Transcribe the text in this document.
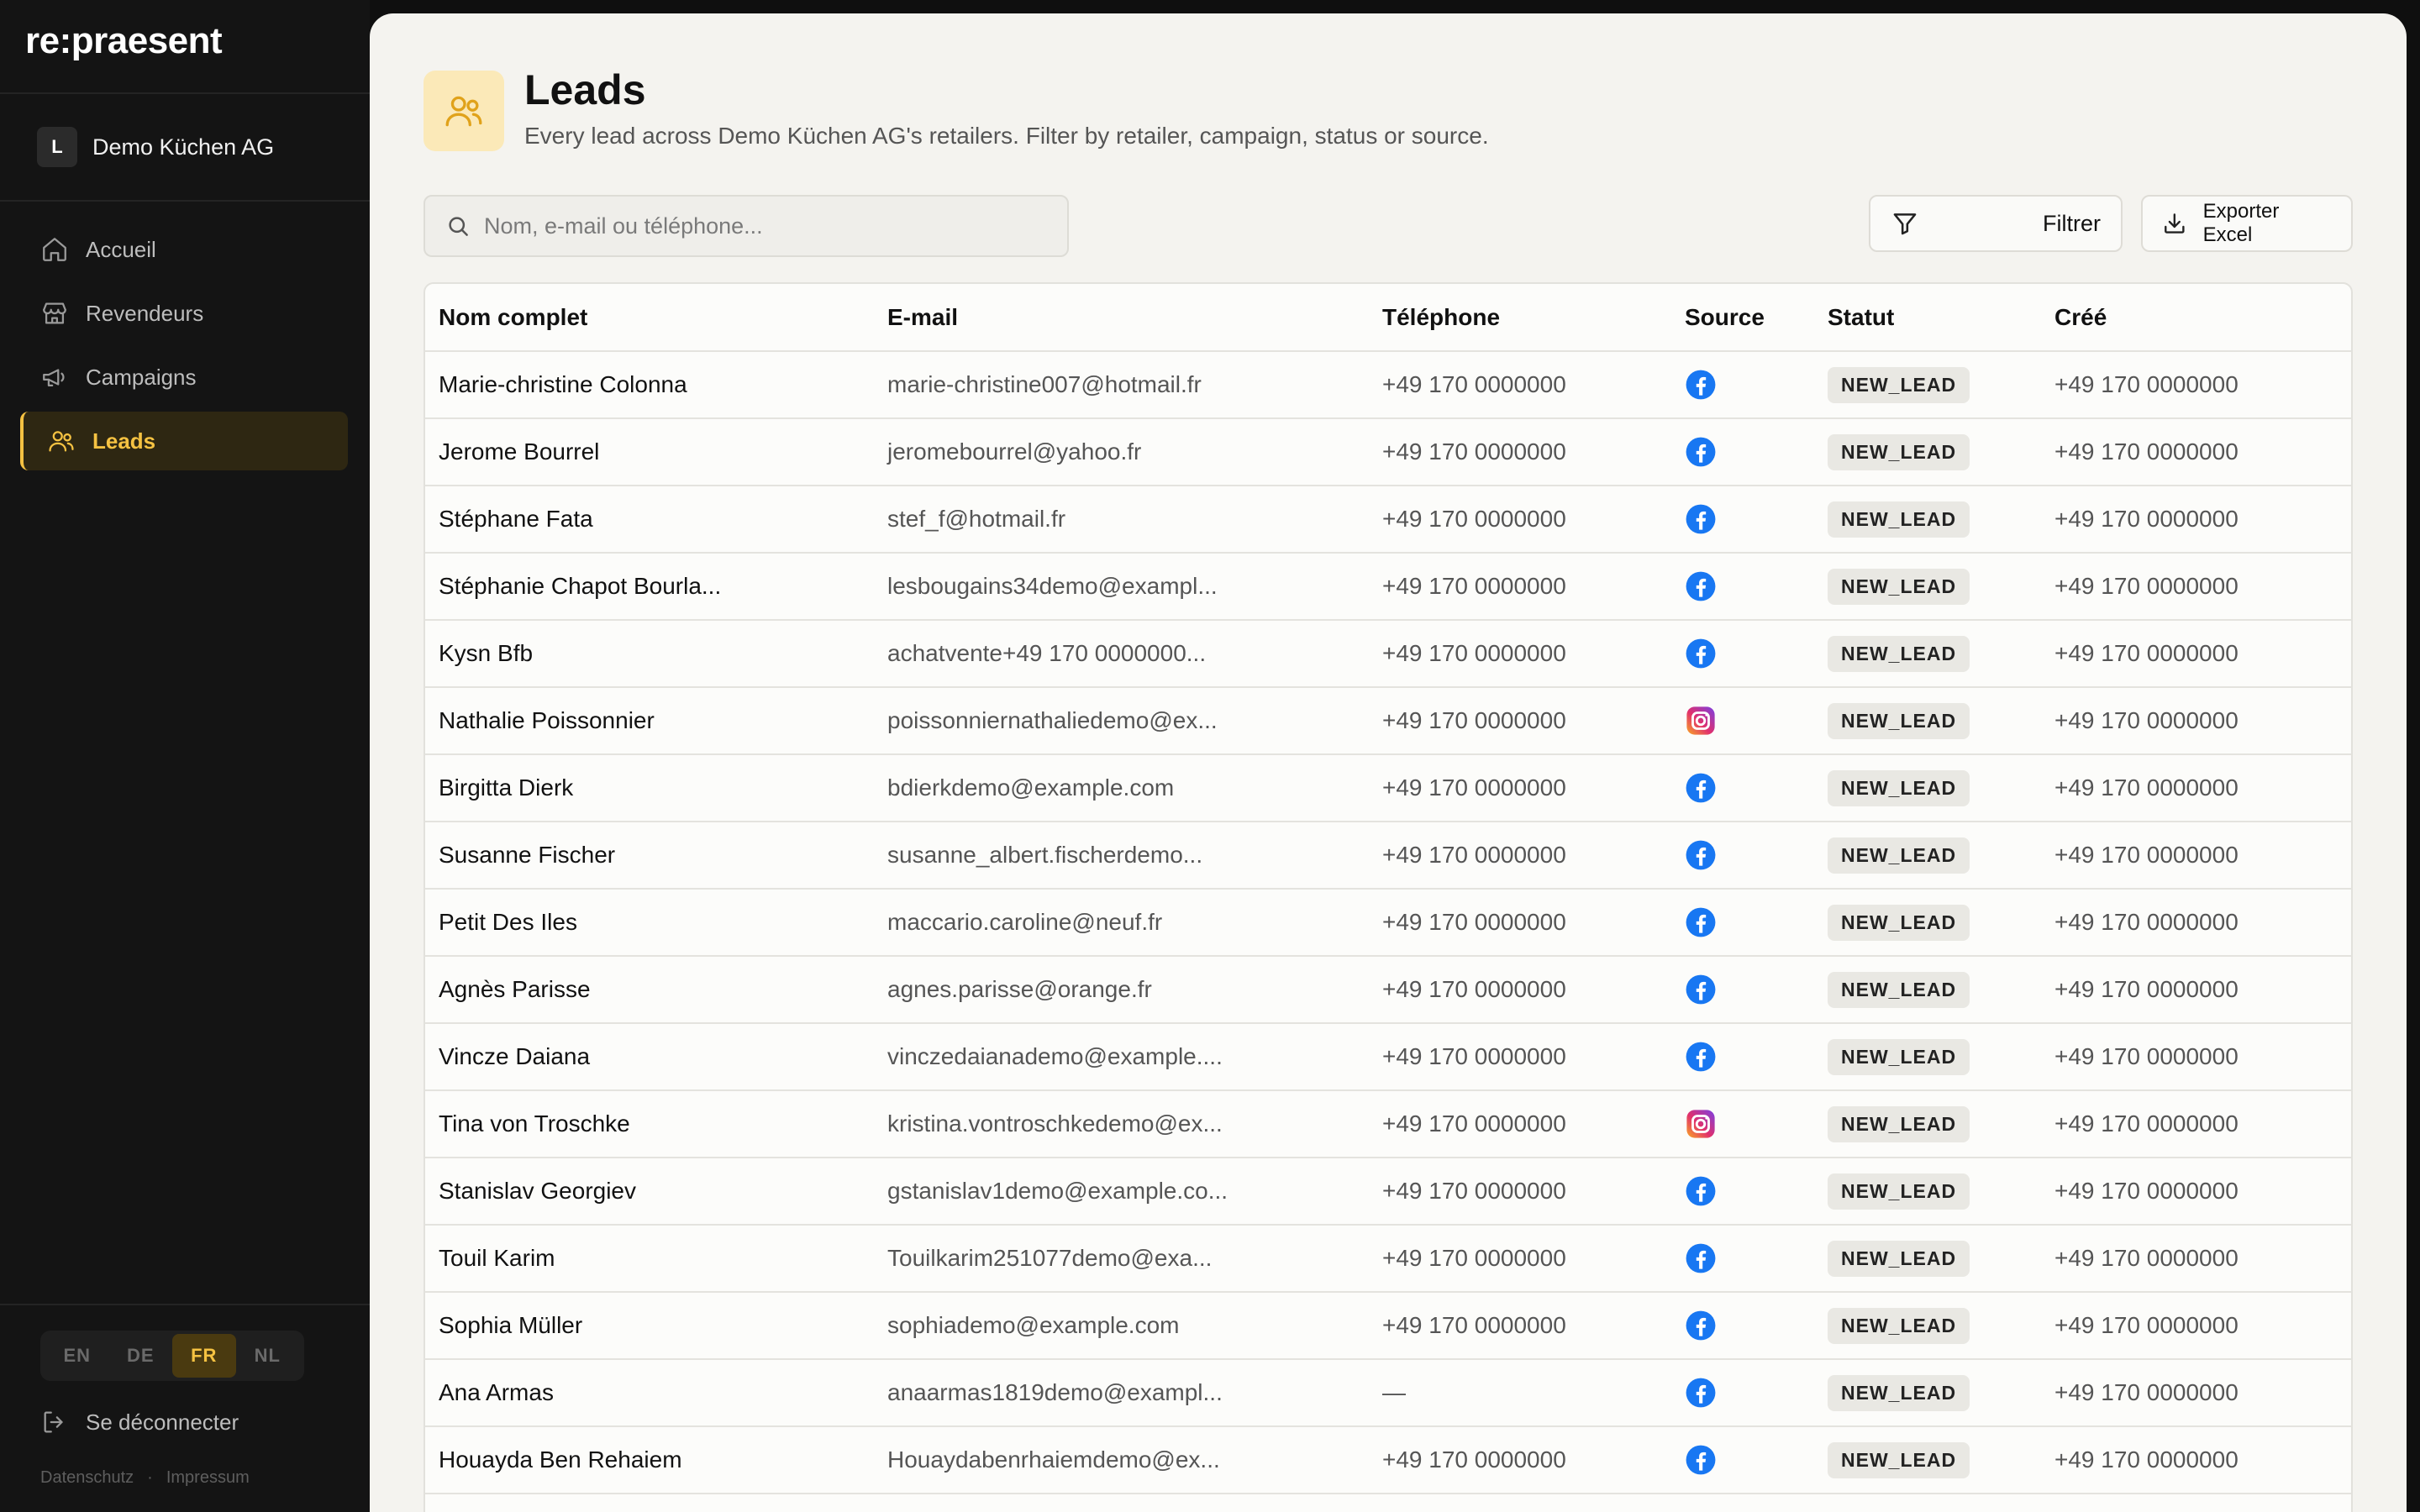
re:praesent
L	Demo Küchen AG
Accueil
Revendeurs
Campaigns
Leads
EN	DE	FR	NL
Se déconnecter
Datenschutz · Impressum
Leads

Every lead across Demo Küchen AG's retailers. Filter by retailer, campaign, status or source.

Nom, e-mail ou téléphone...
Filtrer	Exporter Excel
Nom complet	E-mail	Téléphone	Source	Statut	Créé
Marie-christine Colonna	marie-christine007@hotmail.fr	+49 170 0000000		NEW_LEAD	+49 170 0000000
Jerome Bourrel	jeromebourrel@yahoo.fr	+49 170 0000000		NEW_LEAD	+49 170 0000000
Stéphane Fata	stef_f@hotmail.fr	+49 170 0000000		NEW_LEAD	+49 170 0000000
Stéphanie Chapot Bourla...	lesbougains34demo@exampl...	+49 170 0000000		NEW_LEAD	+49 170 0000000
Kysn Bfb	achatvente+49 170 0000000...	+49 170 0000000		NEW_LEAD	+49 170 0000000
Nathalie Poissonnier	poissonniernathaliedemo@ex...	+49 170 0000000		NEW_LEAD	+49 170 0000000
Birgitta Dierk	bdierkdemo@example.com	+49 170 0000000		NEW_LEAD	+49 170 0000000
Susanne Fischer	susanne_albert.fischerdemo...	+49 170 0000000		NEW_LEAD	+49 170 0000000
Petit Des Iles	maccario.caroline@neuf.fr	+49 170 0000000		NEW_LEAD	+49 170 0000000
Agnès Parisse	agnes.parisse@orange.fr	+49 170 0000000		NEW_LEAD	+49 170 0000000
Vincze Daiana	vinczedaianademo@example....	+49 170 0000000		NEW_LEAD	+49 170 0000000
Tina von Troschke	kristina.vontroschkedemo@ex...	+49 170 0000000		NEW_LEAD	+49 170 0000000
Stanislav Georgiev	gstanislav1demo@example.co...	+49 170 0000000		NEW_LEAD	+49 170 0000000
Touil Karim	Touilkarim251077demo@exa...	+49 170 0000000		NEW_LEAD	+49 170 0000000
Sophia Müller	sophiademo@example.com	+49 170 0000000		NEW_LEAD	+49 170 0000000
Ana Armas	anaarmas1819demo@exampl...	—		NEW_LEAD	+49 170 0000000
Houayda Ben Rehaiem	Houaydabenrhaiemdemo@ex...	+49 170 0000000		NEW_LEAD	+49 170 0000000
